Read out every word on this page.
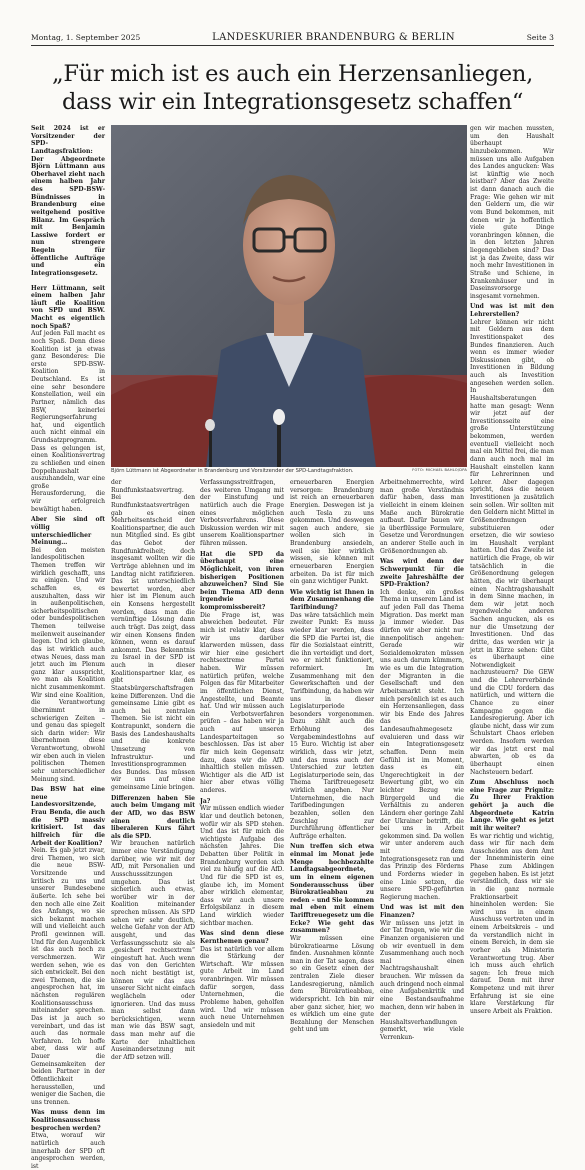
Montag, 1. September 2025	LANDESKURIER BRANDENBURG & BERLIN	Seite 3
„Für mich ist es auch ein Herzensanliegen,
dass wir ein Integrationsgesetz schaffen“

Seit 2024 ist er Vorsitzender der SPD-Landtagsfraktion: Der Abgeordnete Björn Lüttmann aus Oberhavel zieht nach einem halben Jahr des SPD-BSW-Bündnisses in Brandenburg eine weitgehend positive Bilanz. Im Gespräch mit Benjamin Lassiwe fordert er nun strengere Regeln für öffentliche Aufträge und ein Integrationsgesetz.

Herr Lüttmann, seit einem halben Jahr läuft die Koalition von SPD und BSW. Macht es eigentlich noch Spaß?

Auf jeden Fall macht es noch Spaß. Denn diese Koalition ist ja etwas ganz Besonderes: Die erste SPD-BSW-Koalition in Deutschland. Es ist eine sehr besondere Konstellation, weil ein Partner, nämlich das BSW, keinerlei Regierungserfahrung hat, und eigentlich auch nicht einmal ein Grundsatzprogramm. Dass es gelungen ist, einen Koalitionsvertrag zu schließen und einen Doppelhaushalt auszuhandeln, war eine große Herausforderung, die wir erfolgreich bewältigt haben.

Aber Sie sind oft völlig unterschiedlicher Meinung…

Bei den meisten landespolitischen Themen treffen wir wirklich geschafft, uns zu einigen. Und wir schaffen es, es auszuhalten, dass wir in außenpolitischen, sicherheitspolitischen oder bundespolitischen Themen teilweise meilenweit auseinander liegen. Und ich glaube, das ist wirklich auch etwas Neues, dass man jetzt auch im Plenum ganz klar ausspricht, wo man als Koalition nicht zusammenkommt. Wir sind eine Koalition, die Verantwortung übernimmt in schwierigen Zeiten – und genau das spiegelt sich darin wider: Wir übernehmen diese Verantwortung, obwohl wir eben auch in vielen politischen Themen sehr unterschiedlicher Meinung sind.

Das BSW hat eine neue Landesvorsitzende, Frau Benda, die auch die SPD massiv kritisiert. Ist das hilfreich für die Arbeit der Koalition?

Nein. Es gab jetzt zwar, drei Themen, wo sich die neue BSW-Vorsitzende und kritisch zu uns und unserer Bundesebene äußerte. Ich sehe bei den noch alle eine Zeit des Anfangs, wo sie sich bekannt machen will und vielleicht auch Profil gewinnen will. Und für den Augenblick ist das auch noch zu verschmerzen. Wir werden sehen, wie es sich entwickelt. Bei den zwei Themen, die sie angesprochen hat, im nächsten regulären Koalitionsausschuss miteinander sprechen. Das ist ja auch so vereinbart, und das ist auch das normale Verfahren. Ich hoffe aber, dass wir auf Dauer die Gemeinsamkeiten der beiden Partner in der Öffentlichkeit herausstellen, und weniger die Sachen, die uns trennen.

Was muss denn im Koalitionsausschuss besprochen werden?

Etwa, worauf wir natürlich auch innerhalb der SPD oft angesprochen werden, ist

Björn Lüttmann ist Abgeordneter in Brandenburg und Vorsitzender der SPD-Landtagsfraktion.	FOTO: MICHAEL BAHLO/DPA

der Rundfunkstaatsvertrag. Bei den Rundfunkstaatsverträgen gab es einen Mehrheitsentscheid der Koalitionspartner, die auch nun Mitglied sind. Es gibt das Gebot der Rundfunkfreiheit; doch insgesamt wollten wir die Verträge ablehnen und im Landtag nicht ratifizieren. Das ist unterschiedlich bewertet worden, aber hier ist im Plenum auch ein Konsens hergestellt worden, dass man die vernünftige Lösung dann auch trägt. Das zeigt, dass wir einen Konsens finden können, wenn es darauf ankommt. Das Bekenntnis zu Israel in der SPD ist auch in dieser Koalitionspartner klar, es gibt den Staatsbürgerschaftsfragen keine Differenzen. Und die gemeinsame Linie gibt es auch bei zentralen Themen. Sie ist nicht ein Kontrapunkt, sondern die Basis des Landeshaushalts und die konkrete Umsetzung von Infrastruktur- und Investitionsprogrammen des Bundes. Das müssen wir uns auf eine gemeinsame Linie bringen.

Differenzen haben Sie auch beim Umgang mit der AfD, wo das BSW einen deutlich liberaleren Kurs fährt als die SPD.

Wir brauchen natürlich immer eine Verständigung darüber, wie wir mit der AfD, mit Personalien und Ausschusssitzungen umgehen. Das ist sicherlich auch etwas, worüber wir in der Koalition miteinander sprechen müssen. Als SPD sehen wir sehr deutlich, welche Gefahr von der AfD ausgeht, und das Verfassungsschutz sie als „gesichert rechtsextrem“ eingestuft hat. Auch wenn das von den Gerichten noch nicht bestätigt ist, können wir das aus unserer Sicht nicht einfach weglächeln oder ignorieren. Und das muss man selbst dann berücksichtigen, wenn man wie das BSW sagt, dass man mehr auf die Karte der inhaltlichen Auseinandersetzung mit der AfD setzen will.

Verfassungsstreitfragen, des weiteren Umgang mit der Einstufung und natürlich auch die Frage eines möglichen Verbotsverfahrens. Diese Diskussion werden wir mit unserem Koalitionspartner führen müssen.

Hat die SPD da überhaupt eine Möglichkeit, von ihren bisherigen Positionen abzuweichen? Sind Sie beim Thema AfD denn irgendwie kompromissbereit?

Die Frage ist, was abweichen bedeutet. Für mich ist relativ klar, dass wir uns darüber klarwerden müssen, dass wir hier eine gesichert rechtsextreme Partei haben. Wir müssen natürlich prüfen, welche Folgen das für Mitarbeiter im öffentlichen Dienst, Angestellte, und Beamte hat. Und wir müssen auch ein Verbotsverfahren prüfen – das haben wir ja auch auf unseren Landesparteitagen so beschlossen. Das ist aber für mich kein Gegensatz dazu, dass wir die AfD inhaltlich stellen müssen. Wichtiger als die AfD ist hier aber etwas völlig anderes.

Ja?

Wir müssen endlich wieder klar und deutlich betonen, wofür wir als SPD stehen. Und das ist für mich die wichtigste Aufgabe des nächsten Jahres. Die Debatten über Politik in Brandenburg werden sich viel zu häufig auf die AfD. Und für die SPD ist es, glaube ich, im Moment aber wirklich elementar, dass wir auch unsere Erfolgsbilanz in diesem Land wirklich wieder sichtbar machen.

Was sind denn diese Kernthemen genau?

Das ist natürlich vor allem die Stärkung der Wirtschaft. Wir müssen gute Arbeit im Land voranbringen. Wir müssen dafür sorgen, dass Unternehmen, die Probleme haben, geholfen wird. Und wir müssen auch neue Unternehmen ansiedeln und mit

erneuerbaren Energien versorgen: Brandenburg ist reich an erneuerbaren Energien. Deswegen ist ja auch Tesla zu uns gekommen. Und deswegen sagen auch andere, sie wollen sich in Brandenburg ansiedeln, weil sie hier wirklich wissen, sie können mit erneuerbaren Energien arbeiten. Da ist für mich ein ganz wichtiger Punkt.

Wie wichtig ist Ihnen in dem Zusammenhang die Tarifbindung?

Das wäre tatsächlich mein zweiter Punkt: Es muss wieder klar werden, dass die SPD die Partei ist, die für die Sozialstaat eintritt, die ihn verteidigt und dort, wo er nicht funktioniert, reformiert. Im Zusammenhang mit den Gewerkschaften und der Tarifbindung, da haben wir uns in dieser Legislaturperiode besonders vorgenommen. Dazu zählt auch die Erhöhung des Vergabemindestlohns auf 15 Euro. Wichtig ist aber wirklich, dass wir jetzt, und das muss auch der Unterschied zur letzten Legislaturperiode sein, das Thema Tariftreuegesetz wirklich angehen. Nur Unternehmen, die nach Tarifbedingungen bezahlen, sollen den Zuschlag zur Durchführung öffentlicher Aufträge erhalten.

Nun treffen sich etwa einmal im Monat jede Menge hochbezahlte Landtagsabgeordnete, um in einem eigenen Sonderausschuss über Bürokratieabbau zu reden – und Sie kommen mal eben mit einem Tarifftreuegesetz um die Ecke? Wie geht das zusammen?

Wir müssen eine bürokratiearme Lösung finden. Ausnahmen könnte man in der Tat sagen, dass so ein Gesetz einen der zentralen Ziele dieser Landesregierung, nämlich dem Bürokratieabbau, widerspricht. Ich bin mir aber ganz sicher, hier, wo es wirklich um eine gute Bezahlung der Menschen geht und um

Arbeitnehmerrechte, wird man große Verständnis dafür haben, dass man vielleicht in einem kleinen Maße auch Bürokratie aufbaut. Dafür bauen wir ja überflüssige Formulare, Gesetze und Verordnungen an anderer Stelle auch in Größenordnungen ab.

Was wird denn der Schwerpunkt für die zweite Jahreshälfte der SPD-Fraktion?

Ich denke, ein großes Thema in unserem Land ist auf jeden Fall das Thema Migration. Das merkt man ja immer wieder. Das dürfen wir aber nicht nur innenpolitisch angehen: Gerade wir Sozialdemokraten müssen uns auch darum kümmern, wie es um die Integration der Migranten in die Gesellschaft und den Arbeitsmarkt steht. Ich mich persönlich ist es auch ein Herzensanliegen, dass wir bis Ende des Jahres das Landesaufnahmegesetz evaluieren und dass wir ein Integrationsgesetz schaffen. Denn mein Gefühl ist im Moment, dass es ein Ungerechtigkeit in der Bewertung gibt, wo ein leichter Bezug wie Bürgergeld und die Verhältnis zu anderen Ländern eher geringe Zahl der Ukrainer betrifft, die bei uns in Arbeit gekommen sind. Da wollen wir unter anderem auch mit dem Integrationsgesetz ran und das Prinzip des Förderns und Forderns wieder in eine Linie setzen, die unsere SPD-geführten Regierung machen.

Und was ist mit den Finanzen?

Wir müssen uns jetzt in der Tat fragen, wie wir die Finanzen organisieren und ob wir eventuell in dem Zusammenhang auch noch mal einen Nachtragshaushalt brauchen. Wir müssen da auch dringend noch einmal eine Aufgabenkritik und eine Bestandsaufnahme machen, denn wir haben in der Haushaltsverhandlungen gemerkt, wie viele Verrenkun-

gen wir machen mussten, um den Haushalt überhaupt hinzubekommen. Wir müssen uns alle Aufgaben des Landes angucken: Was ist künftig wie noch leistbar? Aber das Zweite ist dann danach auch die Frage: Wie gehen wir mit den Geldern um, die wir vom Bund bekommen, mit denen wir ja hoffentlich viele gute Dinge voranbringen können, die in den letzten Jahren liegengeblieben sind? Das ist ja das Zweite, dass wir noch mehr Investitionen in Straße und Schiene, in Krankenhäuser und in Daseinsvorsorge insgesamt vornehmen.

Und was ist mit den Lehrerstellen?

Lehrer können wir nicht mit Geldern aus dem Investitionspaket des Bundes finanzieren. Auch wenn es immer wieder Diskussionen gibt, ob Investitionen in Bildung auch als Investition angesehen werden sollen. In den Haushaltsberatungen hatte man gesagt: Wenn wir jetzt auf der Investitionsseite eine große Unterstützung bekommen, werden eventuell vielleicht noch mal ein Mittel frei, die man dann auch noch mal im Haushalt einstellen kann für Lehrerinnen und Lehrer. Aber dagegen spricht, dass die neuen Investitionen ja zusätzlich sein sollen. Wir sollten mit den Geldern nicht Mittel in Größenordnungen substituieren oder ersetzen, die wir sowieso im Haushalt verplant hatten. Und das Zweite ist natürlich die Frage, ob wir tatsächlich in die Größenordnung gelegen hätten, die wir überhaupt einen Nachtragshaushalt in dem Sinne machen, in dem wir jetzt noch irgendwelche anderen Sachen angucken, als es nur die Umsetzung der Investitionen. Und das dritte, das werden wir ja jetzt in Kürze sehen: Gibt es überhaupt eine Notwendigkeit nachzusteuern? Die GEW und die Lehrerverbände und die CDU fordern das natürlich, und wittern die Chance zu einer Kampagne gegen die Landesregierung. Aber ich glaube nicht, dass wir zum Schulstart Chaos erleben werden. Insofern werden wir das jetzt erst mal abwarten, ob es da überhaupt einen Nachsteuern bedarf.

Zum Abschluss noch eine Frage zur Prignitz: Zu Ihrer Fraktion gehört ja auch die Abgeordnete Katrin Lange. Wie geht es jetzt mit ihr weiter?

Es war richtig und wichtig, dass wir für nach dem Ausscheiden aus dem Amt der Innenministerin eine Phase zum Abklingen gegeben haben. Es ist jetzt verständlich, dass wir sie in die ganz normale Fraktionsarbeit hineinholen werden: Sie wird uns in einem Ausschuss vertreten und in einem Arbeitskreis – und da verstandlich nicht in einem Bereich, in dem sie vorher als Ministerin Verantwortung trug. Aber ich muss auch ehrlich sagen: Ich freue mich darauf. Denn mit ihrer Kompetenz und mit ihrer Erfahrung ist sie eine klare Verstärkung für unsere Arbeit als Fraktion.
